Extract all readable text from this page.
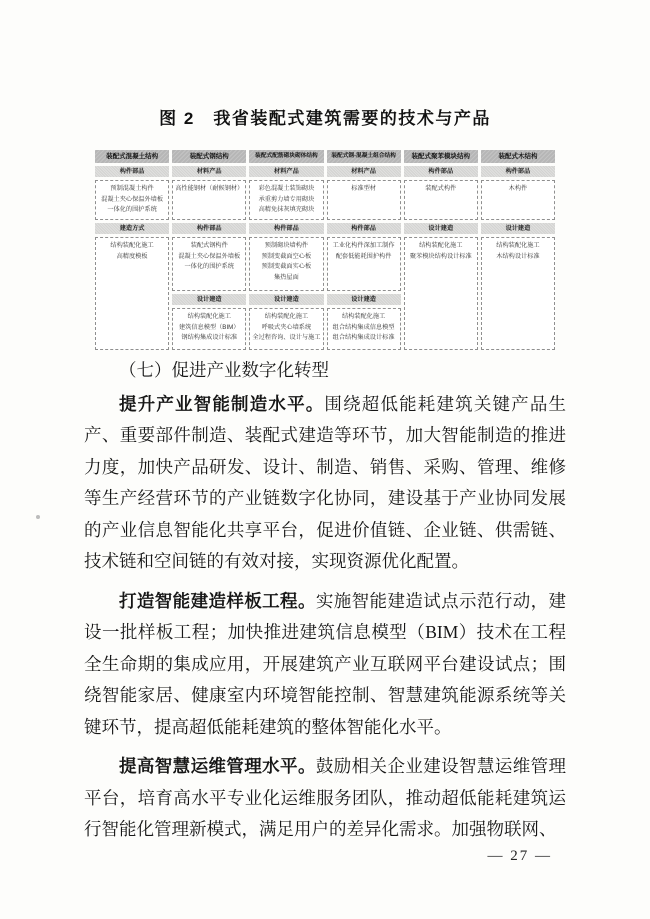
图 2　我省装配式建筑需要的技术与产品
装配式混凝土结构
构件部品
预制混凝土构件
混凝土夹心保温外墙板
一体化的围护系统
建造方式
结构装配化施工
高精度模板
装配式钢结构
材料产品
高性能钢材（耐候钢材）
构件部品
装配式钢构件
混凝土夹心保温外墙板
一体化的围护系统
设计建造
结构装配化施工
建筑信息模型（BIM）
钢结构集成设计标准
装配式配筋砌块砌体结构
材料产品
彩色混凝土装饰砌块
承重剪力墙专用砌块
高精免抹灰填充砌块
构件部品
预制砌块墙构件
预制变截面空心板
预制变截面实心板
集热屋面
设计建造
结构装配化施工
呼吸式夹心墙系统
全过程咨询、设计与施工
装配式钢-混凝土组合结构
材料产品
标准型材
构件部品
工业化构件深加工制作
配套低能耗围护构件
设计建造
结构装配化施工
组合结构集成信息模型
组合结构集成设计标准
装配式聚苯模块结构
构件部品
装配式构件
设计建造
结构装配化施工
聚苯模块结构设计标准
装配式木结构
构件部品
木构件
设计建造
结构装配化施工
木结构设计标准

（七）促进产业数字化转型

提升产业智能制造水平。围绕超低能耗建筑关键产品生产、重要部件制造、装配式建造等环节，加大智能制造的推进力度，加快产品研发、设计、制造、销售、采购、管理、维修等生产经营环节的产业链数字化协同，建设基于产业协同发展的产业信息智能化共享平台，促进价值链、企业链、供需链、技术链和空间链的有效对接，实现资源优化配置。

打造智能建造样板工程。实施智能建造试点示范行动，建设一批样板工程；加快推进建筑信息模型（BIM）技术在工程全生命期的集成应用，开展建筑产业互联网平台建设试点；围绕智能家居、健康室内环境智能控制、智慧建筑能源系统等关键环节，提高超低能耗建筑的整体智能化水平。

提高智慧运维管理水平。鼓励相关企业建设智慧运维管理平台，培育高水平专业化运维服务团队，推动超低能耗建筑运行智能化管理新模式，满足用户的差异化需求。加强物联网、

— 27 —
